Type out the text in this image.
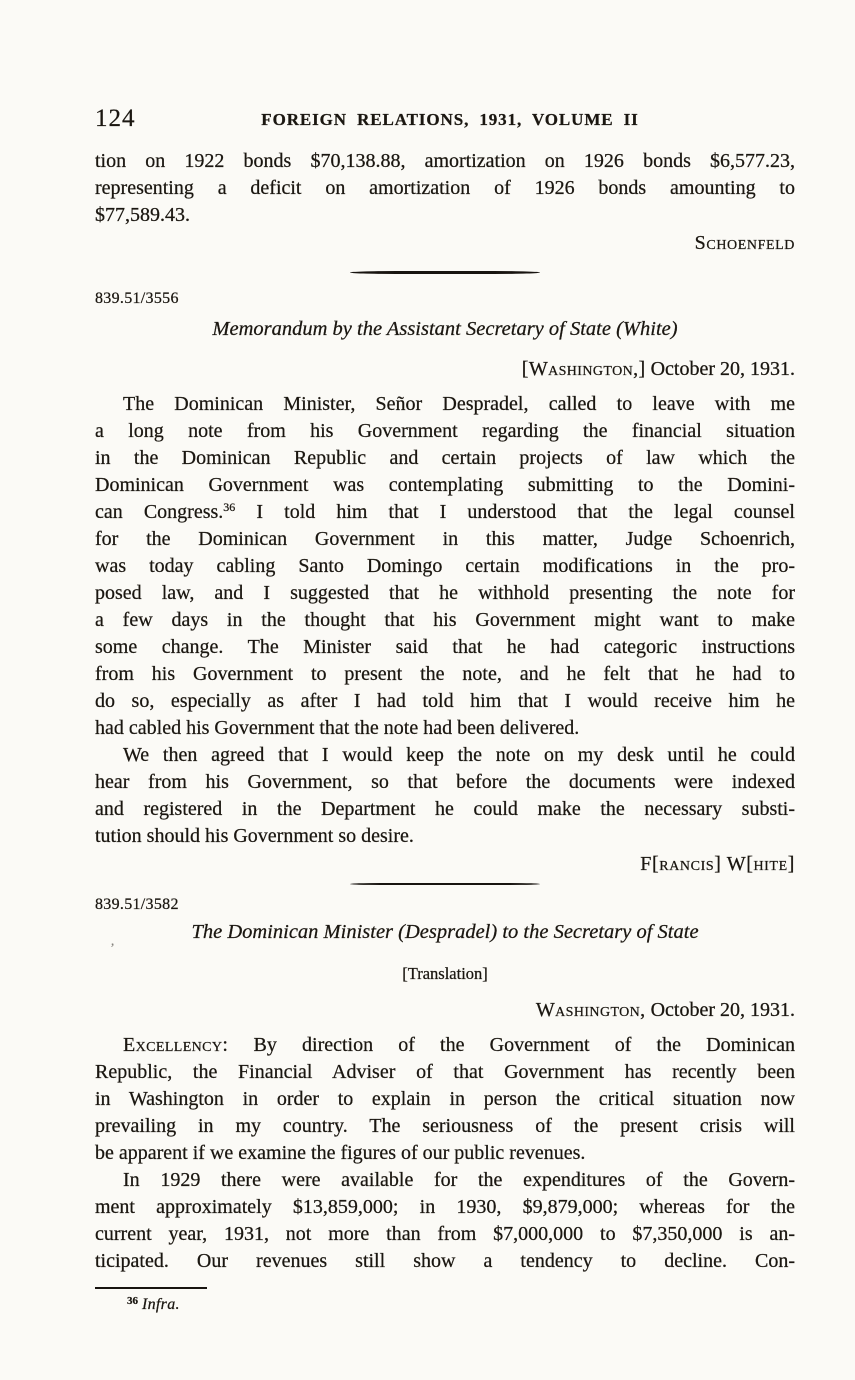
124	FOREIGN RELATIONS, 1931, VOLUME II
tion on 1922 bonds $70,138.88, amortization on 1926 bonds $6,577.23,
representing a deficit on amortization of 1926 bonds amounting to
$77,589.43.
Schoenfeld
839.51/3556
Memorandum by the Assistant Secretary of State (White)
[Washington,] October 20, 1931.
The Dominican Minister, Señor Despradel, called to leave with me
a long note from his Government regarding the financial situation
in the Dominican Republic and certain projects of law which the
Dominican Government was contemplating submitting to the Domini-
can Congress.$^{36}$ I told him that I understood that the legal counsel
for the Dominican Government in this matter, Judge Schoenrich,
was today cabling Santo Domingo certain modifications in the pro-
posed law, and I suggested that he withhold presenting the note for
a few days in the thought that his Government might want to make
some change. The Minister said that he had categoric instructions
from his Government to present the note, and he felt that he had to
do so, especially as after I had told him that I would receive him he
had cabled his Government that the note had been delivered.
We then agreed that I would keep the note on my desk until he could
hear from his Government, so that before the documents were indexed
and registered in the Department he could make the necessary substi-
tution should his Government so desire.
F[rancis] W[hite]
839.51/3582
,	The Dominican Minister (Despradel) to the Secretary of State
[Translation]
Washington, October 20, 1931.
Excellency: By direction of the Government of the Dominican
Republic, the Financial Adviser of that Government has recently been
in Washington in order to explain in person the critical situation now
prevailing in my country. The seriousness of the present crisis will
be apparent if we examine the figures of our public revenues.
In 1929 there were available for the expenditures of the Govern-
ment approximately $13,859,000; in 1930, $9,879,000; whereas for the
current year, 1931, not more than from $7,000,000 to $7,350,000 is an-
ticipated. Our revenues still show a tendency to decline. Con-
$^{36}$ Infra.
